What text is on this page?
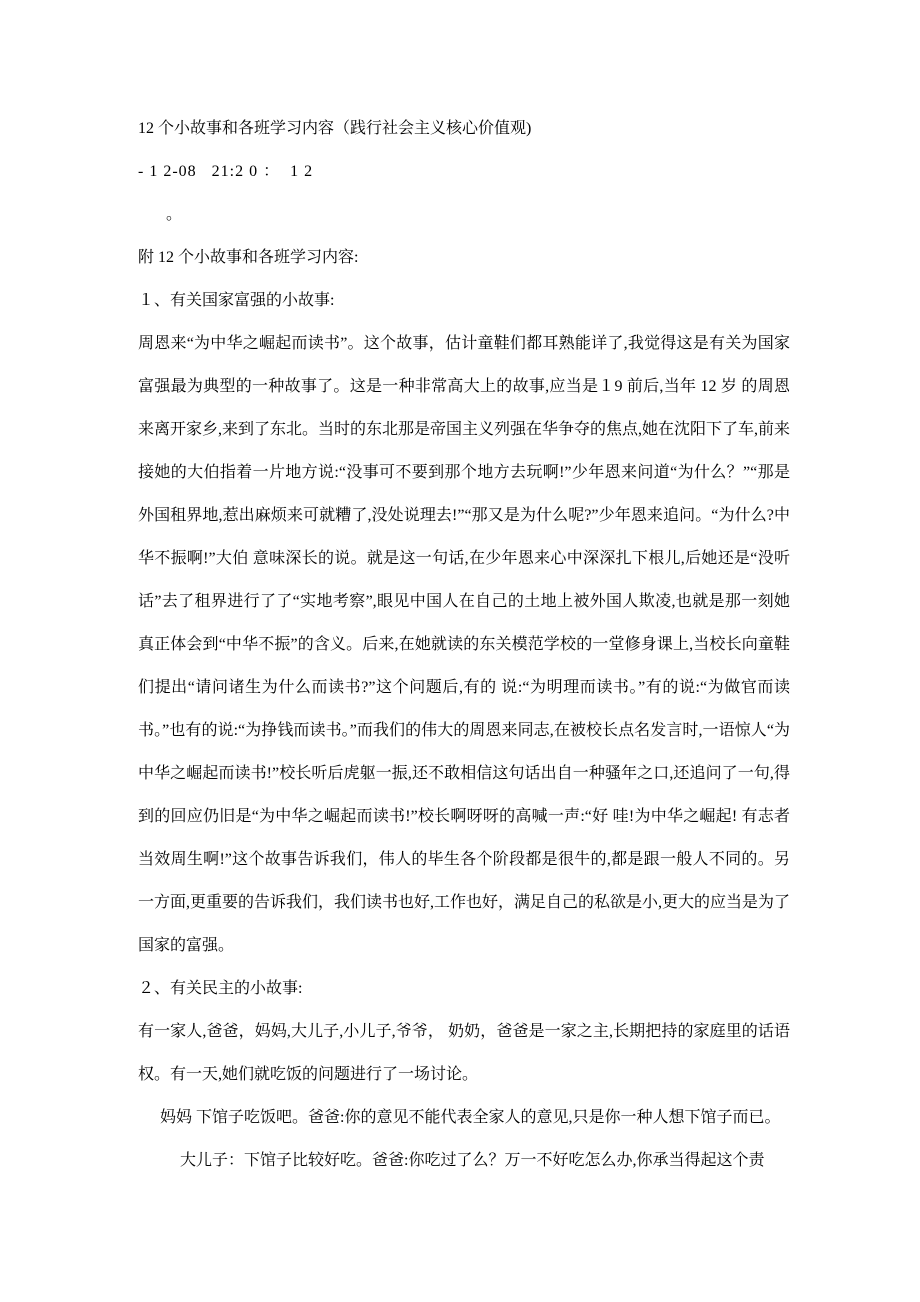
12 个小故事和各班学习内容（践行社会主义核心价值观)

- 1 2-08   21:2 0 ：  1 2

。

附 12 个小故事和各班学习内容:

１、有关国家富强的小故事:

周恩来“为中华之崛起而读书”。这个故事，估计童鞋们都耳熟能详了,我觉得这是有关为国家富强最为典型的一种故事了。这是一种非常高大上的故事,应当是１9 前后,当年 12 岁 的周恩来离开家乡,来到了东北。当时的东北那是帝国主义列强在华争夺的焦点,她在沈阳下了车,前来接她的大伯指着一片地方说:“没事可不要到那个地方去玩啊!”少年恩来问道“为什么？”“那是外国租界地,惹出麻烦来可就糟了,没处说理去!”“那又是为什么呢?”少年恩来追问。“为什么?中华不振啊!”大伯 意味深长的说。就是这一句话,在少年恩来心中深深扎下根儿,后她还是“没听话”去了租界进行了了“实地考察”,眼见中国人在自己的土地上被外国人欺凌,也就是那一刻她真正体会到“中华不振”的含义。后来,在她就读的东关模范学校的一堂修身课上,当校长向童鞋们提出“请问诸生为什么而读书?”这个问题后,有的 说:“为明理而读书。”有的说:“为做官而读书。”也有的说:“为挣钱而读书。”而我们的伟大的周恩来同志,在被校长点名发言时,一语惊人“为中华之崛起而读书!”校长听后虎躯一振,还不敢相信这句话出自一种骚年之口,还追问了一句,得到的回应仍旧是“为中华之崛起而读书!”校长啊呀呀的高喊一声:“好 哇!为中华之崛起! 有志者当效周生啊!”这个故事告诉我们，伟人的毕生各个阶段都是很牛的,都是跟一般人不同的。另一方面,更重要的告诉我们，我们读书也好,工作也好，满足自己的私欲是小,更大的应当是为了国家的富强。

２、有关民主的小故事:

有一家人,爸爸，妈妈,大儿子,小儿子,爷爷， 奶奶，爸爸是一家之主,长期把持的家庭里的话语权。有一天,她们就吃饭的问题进行了一场讨论。

妈妈 下馆子吃饭吧。爸爸:你的意见不能代表全家人的意见,只是你一种人想下馆子而已。

大儿子：下馆子比较好吃。爸爸:你吃过了么？万一不好吃怎么办,你承当得起这个责
